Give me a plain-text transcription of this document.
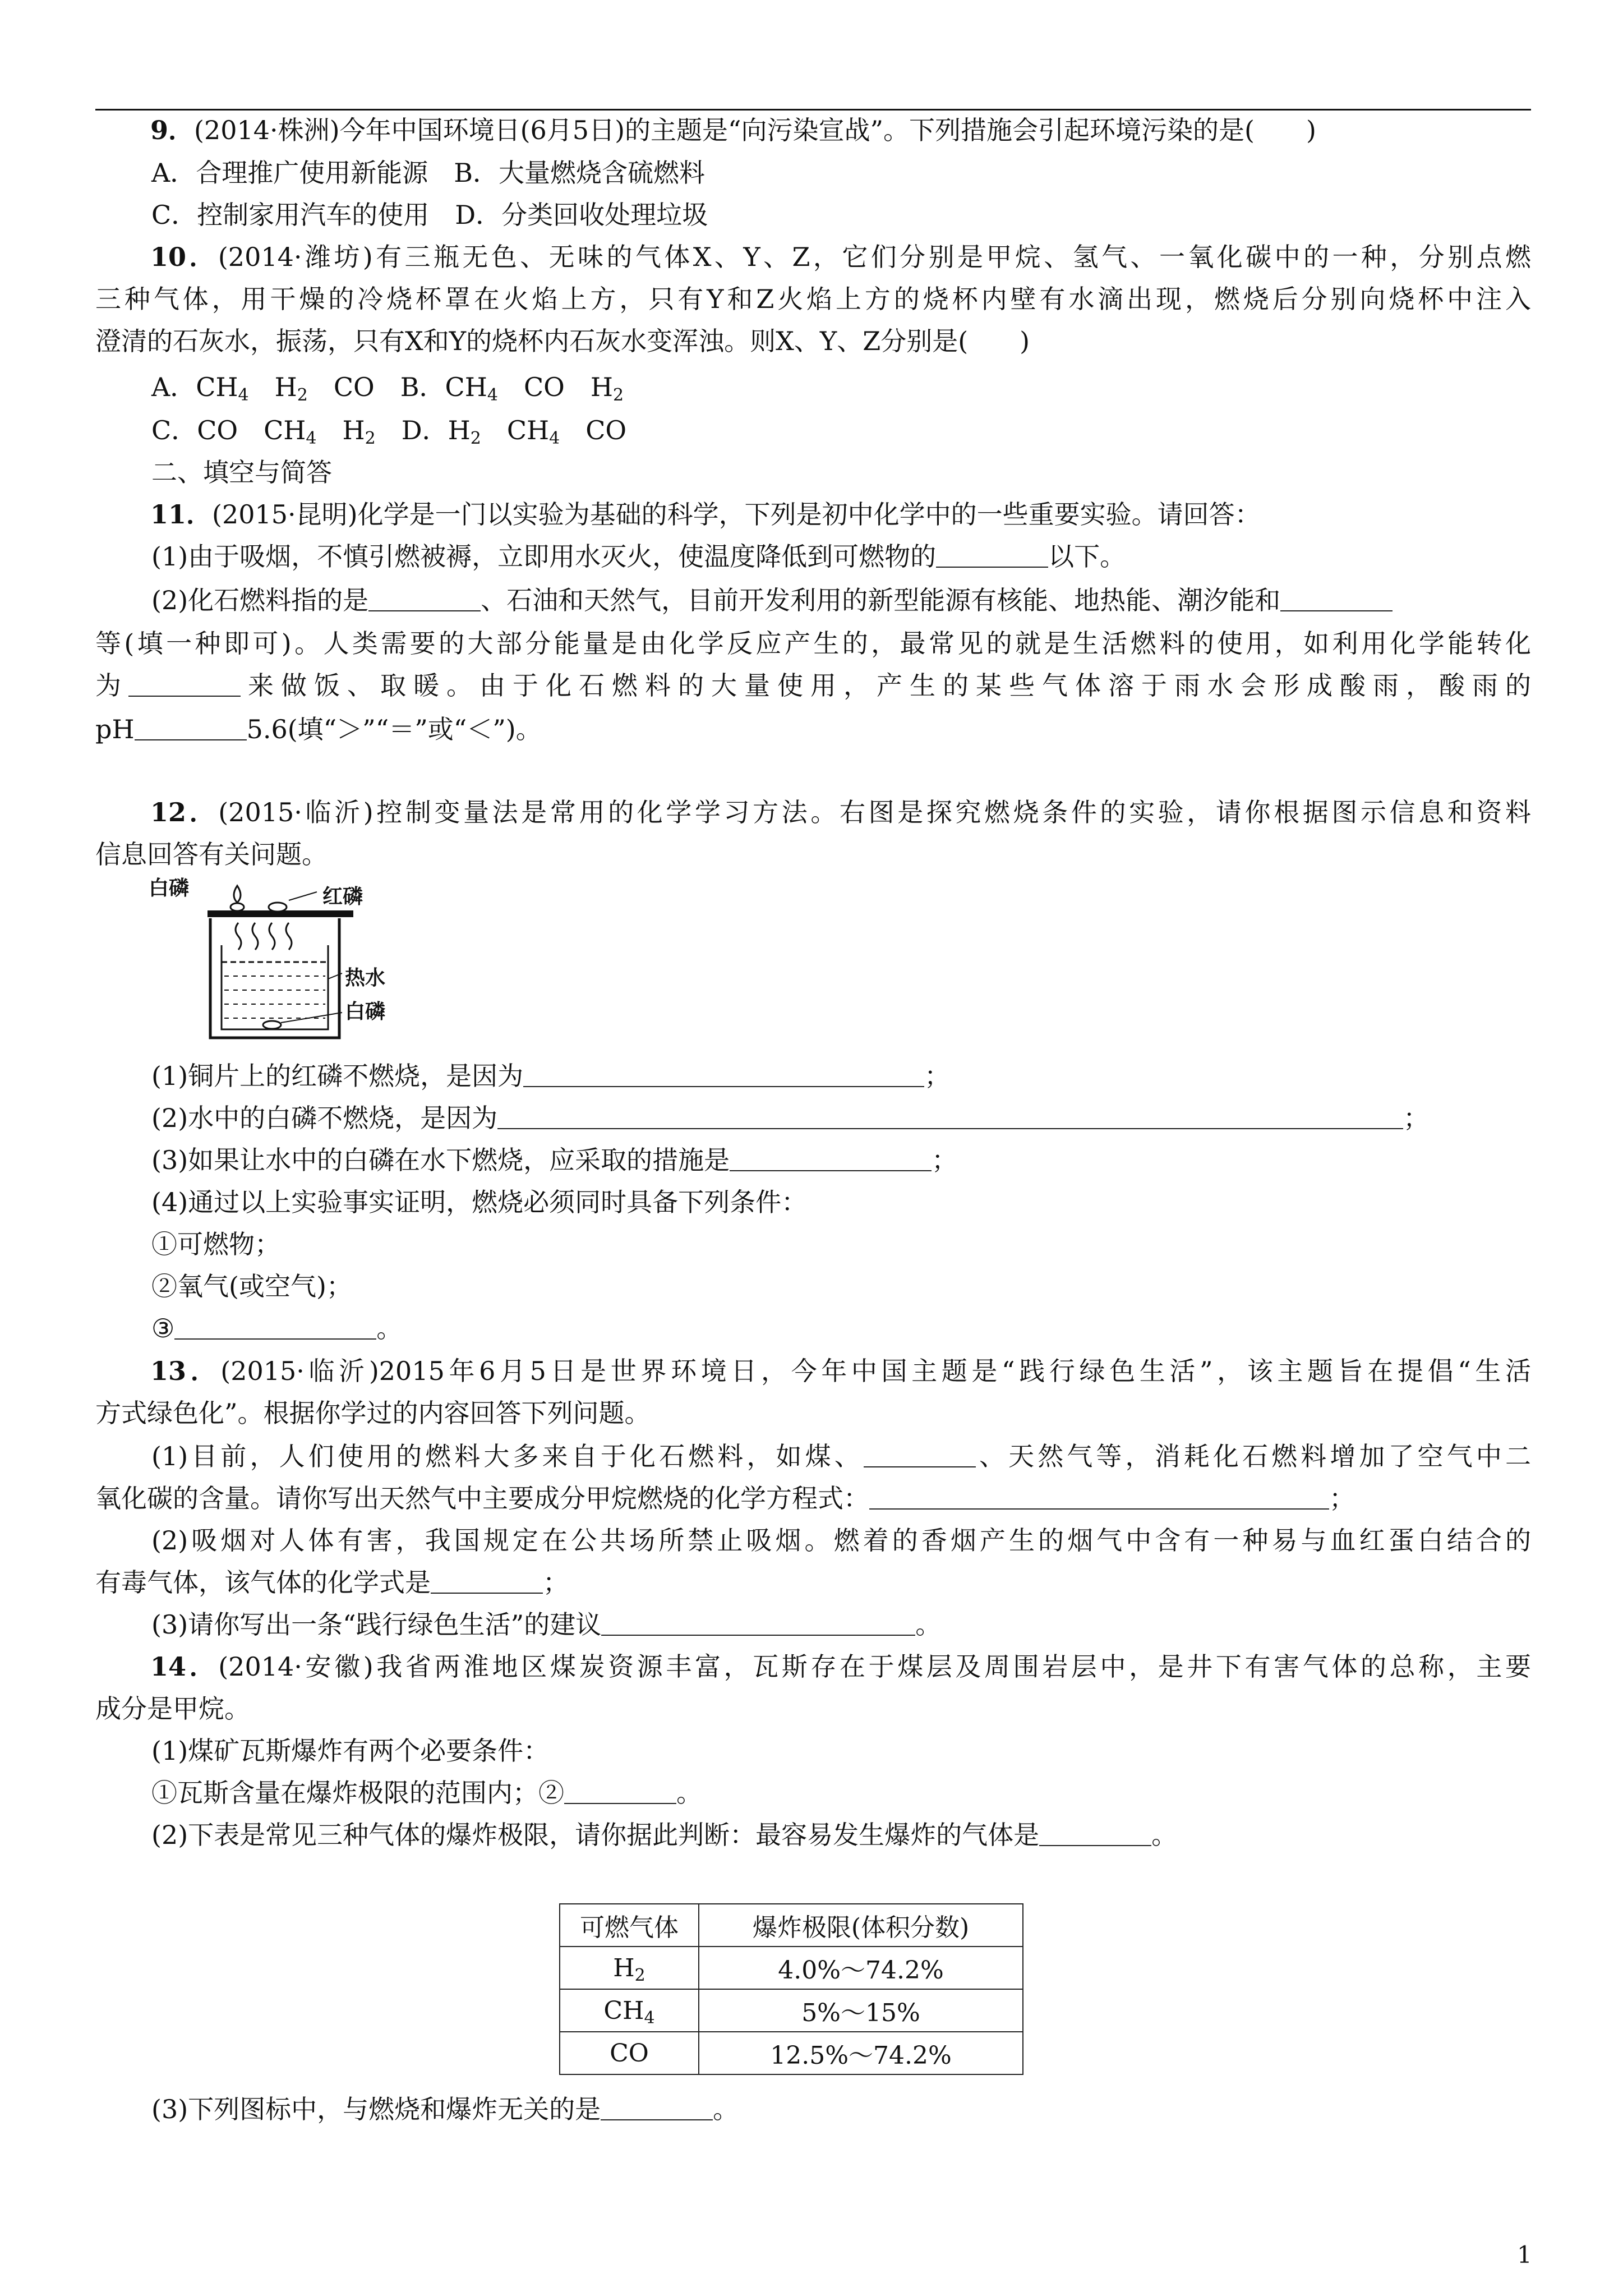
9．(2014·株洲)今年中国环境日(6月5日)的主题是“向污染宣战”。下列措施会引起环境污染的是(　　)
A．合理推广使用新能源　 B．大量燃烧含硫燃料
C．控制家用汽车的使用　 D．分类回收处理垃圾
10．(2014·潍坊)有三瓶无色、无味的气体X、Y、Z，它们分别是甲烷、氢气、一氧化碳中的一种，分别点燃
三种气体，用干燥的冷烧杯罩在火焰上方，只有Y和Z火焰上方的烧杯内壁有水滴出现，燃烧后分别向烧杯中注入
澄清的石灰水，振荡，只有X和Y的烧杯内石灰水变浑浊。则X、Y、Z分别是(　　)
A．$CH_4$　$H_2$　CO　B．$CH_4$　CO　$H_2$
C．CO　$CH_4$　$H_2$　D．$H_2$　$CH_4$　CO
二、填空与简答
11．(2015·昆明)化学是一门以实验为基础的科学，下列是初中化学中的一些重要实验。请回答：
(1)由于吸烟，不慎引燃被褥，立即用水灭火，使温度降低到可燃物的	以下。
(2)化石燃料指的是	、石油和天然气，目前开发利用的新型能源有核能、地热能、潮汐能和
等(填一种即可)。人类需要的大部分能量是由化学反应产生的，最常见的就是生活燃料的使用，如利用化学能转化
为	来做饭、取暖。由于化石燃料的大量使用，产生的某些气体溶于雨水会形成酸雨，酸雨的
pH	5.6(填“＞”“＝”或“＜”)。
12．(2015·临沂)控制变量法是常用的化学学习方法。右图是探究燃烧条件的实验，请你根据图示信息和资料
信息回答有关问题。
白磷	红磷
热水
白磷
(1)铜片上的红磷不燃烧，是因为	；
(2)水中的白磷不燃烧，是因为	；
(3)如果让水中的白磷在水下燃烧，应采取的措施是	；
(4)通过以上实验事实证明，燃烧必须同时具备下列条件：
①可燃物；
②氧气(或空气)；
③	。
13．(2015·临沂)2015年6月5日是世界环境日，今年中国主题是“践行绿色生活”，该主题旨在提倡“生活
方式绿色化”。根据你学过的内容回答下列问题。
(1)目前，人们使用的燃料大多来自于化石燃料，如煤、	、天然气等，消耗化石燃料增加了空气中二
氧化碳的含量。请你写出天然气中主要成分甲烷燃烧的化学方程式：	；
(2)吸烟对人体有害，我国规定在公共场所禁止吸烟。燃着的香烟产生的烟气中含有一种易与血红蛋白结合的
有毒气体，该气体的化学式是	；
(3)请你写出一条“践行绿色生活”的建议	。
14．(2014·安徽)我省两淮地区煤炭资源丰富，瓦斯存在于煤层及周围岩层中，是井下有害气体的总称，主要
成分是甲烷。
(1)煤矿瓦斯爆炸有两个必要条件：
①瓦斯含量在爆炸极限的范围内；②	。
(2)下表是常见三种气体的爆炸极限，请你据此判断：最容易发生爆炸的气体是	。
可燃气体	爆炸极限(体积分数)
$H_2$	4.0%～74.2%
$CH_4$	5%～15%
CO	12.5%～74.2%
(3)下列图标中，与燃烧和爆炸无关的是	。
1
